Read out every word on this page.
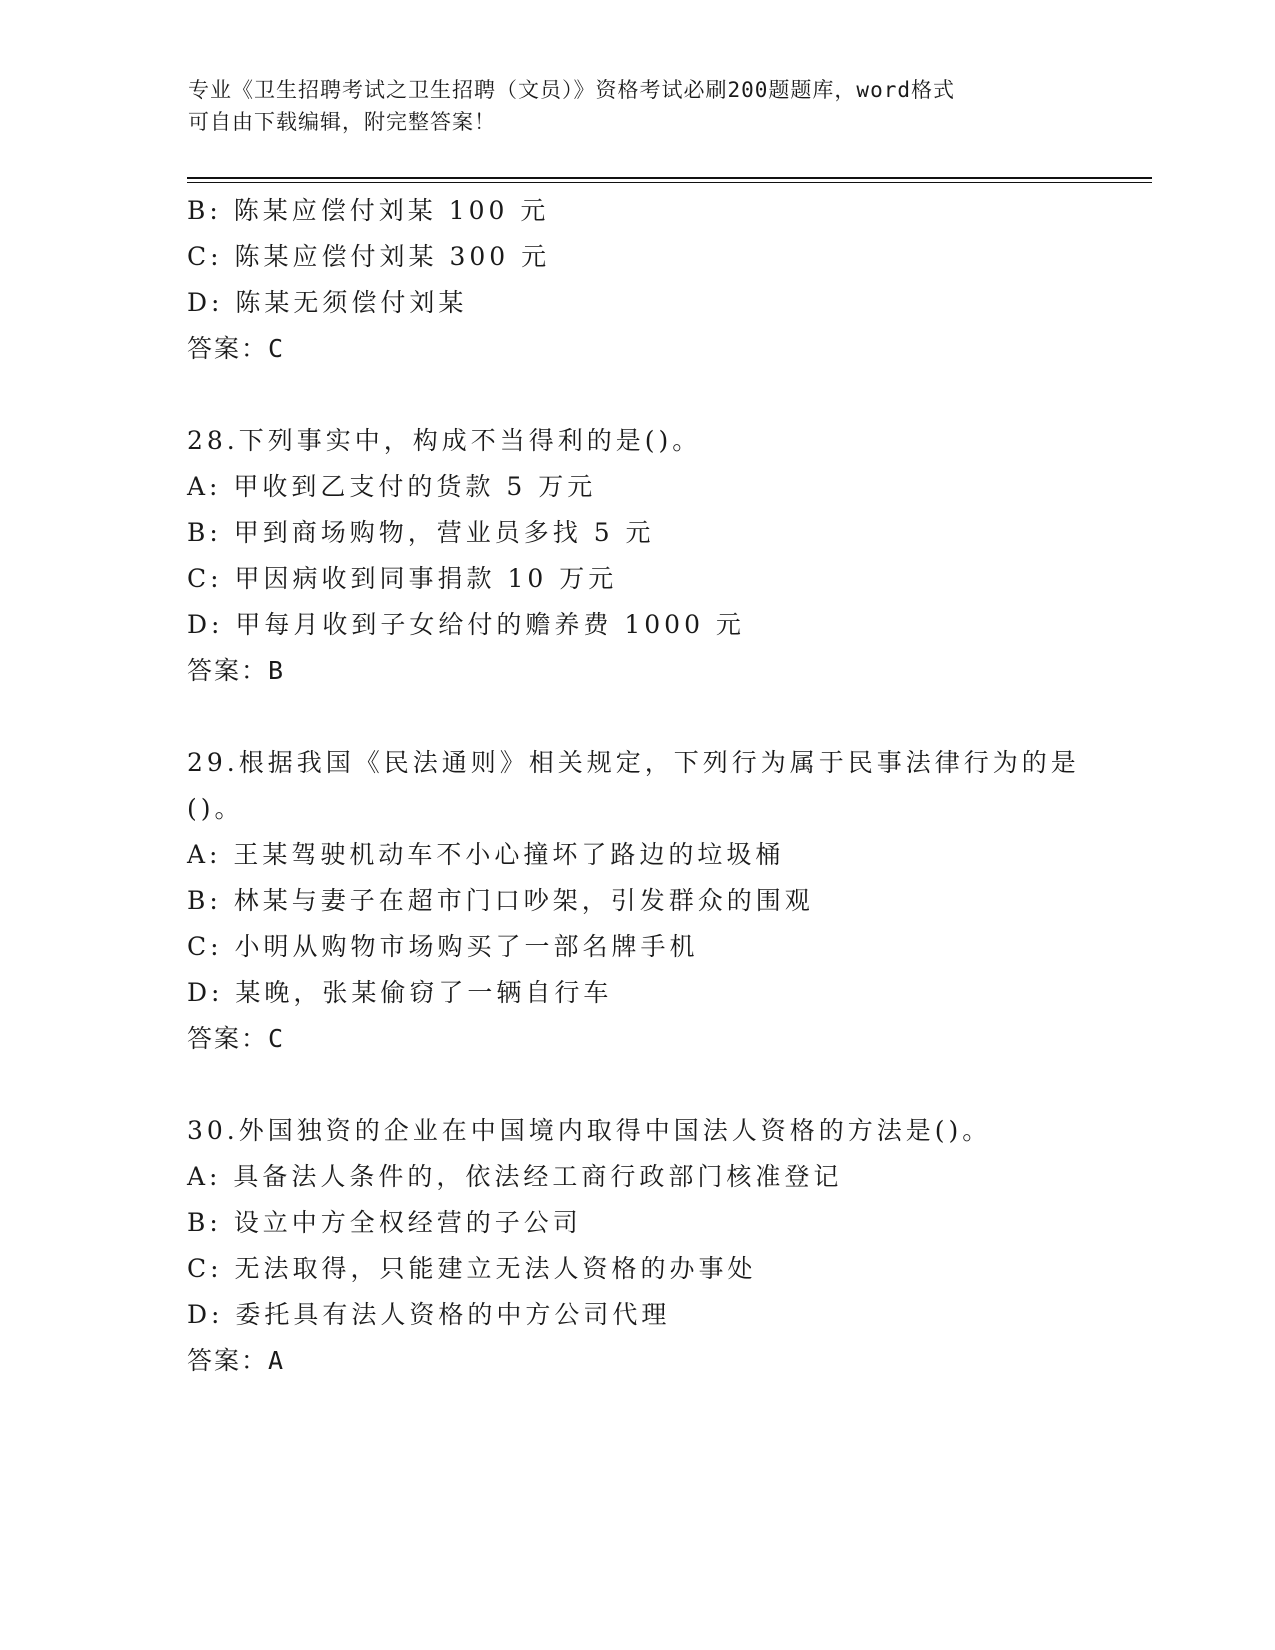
专业《卫生招聘考试之卫生招聘（文员）》资格考试必刷200题题库，word格式
可自由下载编辑，附完整答案！
B: 陈某应偿付刘某 100 元
C: 陈某应偿付刘某 300 元
D: 陈某无须偿付刘某
答案：C
28.下列事实中，构成不当得利的是()。
A: 甲收到乙支付的货款 5 万元
B: 甲到商场购物，营业员多找 5 元
C: 甲因病收到同事捐款 10 万元
D: 甲每月收到子女给付的赡养费 1000 元
答案：B
29.根据我国《民法通则》相关规定，下列行为属于民事法律行为的是
()。
A: 王某驾驶机动车不小心撞坏了路边的垃圾桶
B: 林某与妻子在超市门口吵架，引发群众的围观
C: 小明从购物市场购买了一部名牌手机
D: 某晚，张某偷窃了一辆自行车
答案：C
30.外国独资的企业在中国境内取得中国法人资格的方法是()。
A: 具备法人条件的，依法经工商行政部门核准登记
B: 设立中方全权经营的子公司
C: 无法取得，只能建立无法人资格的办事处
D: 委托具有法人资格的中方公司代理
答案：A
